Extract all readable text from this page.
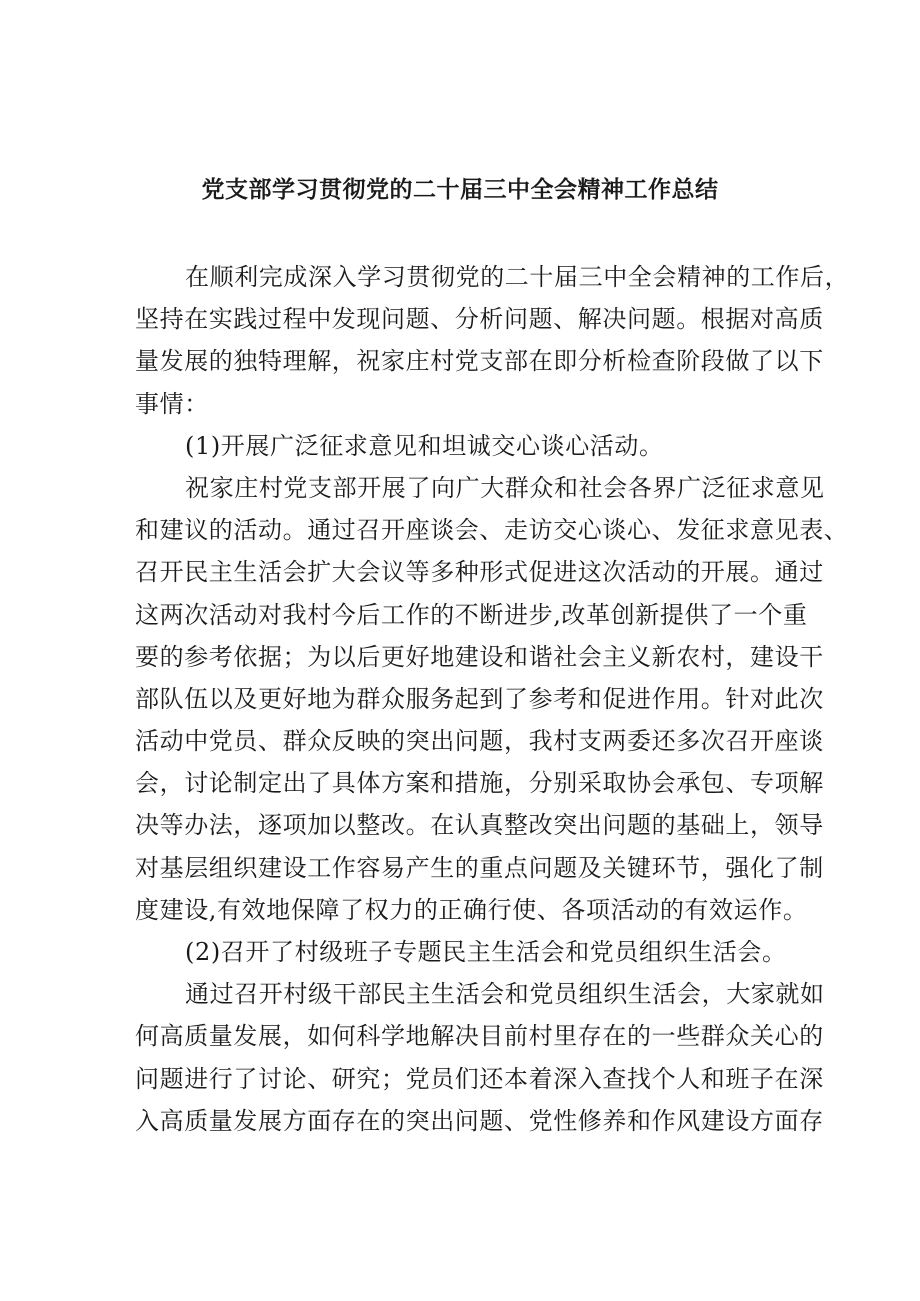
党支部学习贯彻党的二十届三中全会精神工作总结
在顺利完成深入学习贯彻党的二十届三中全会精神的工作后，
坚持在实践过程中发现问题、分析问题、解决问题。根据对高质
量发展的独特理解，祝家庄村党支部在即分析检查阶段做了以下
事情：
(1)开展广泛征求意见和坦诚交心谈心活动。
祝家庄村党支部开展了向广大群众和社会各界广泛征求意见
和建议的活动。通过召开座谈会、走访交心谈心、发征求意见表、
召开民主生活会扩大会议等多种形式促进这次活动的开展。通过
这两次活动对我村今后工作的不断进步,改革创新提供了一个重
要的参考依据；为以后更好地建设和谐社会主义新农村，建设干
部队伍以及更好地为群众服务起到了参考和促进作用。针对此次
活动中党员、群众反映的突出问题，我村支两委还多次召开座谈
会，讨论制定出了具体方案和措施，分别采取协会承包、专项解
决等办法，逐项加以整改。在认真整改突出问题的基础上，领导
对基层组织建设工作容易产生的重点问题及关键环节，强化了制
度建设,有效地保障了权力的正确行使、各项活动的有效运作。
(2)召开了村级班子专题民主生活会和党员组织生活会。
通过召开村级干部民主生活会和党员组织生活会，大家就如
何高质量发展，如何科学地解决目前村里存在的一些群众关心的
问题进行了讨论、研究；党员们还本着深入查找个人和班子在深
入高质量发展方面存在的突出问题、党性修养和作风建设方面存
